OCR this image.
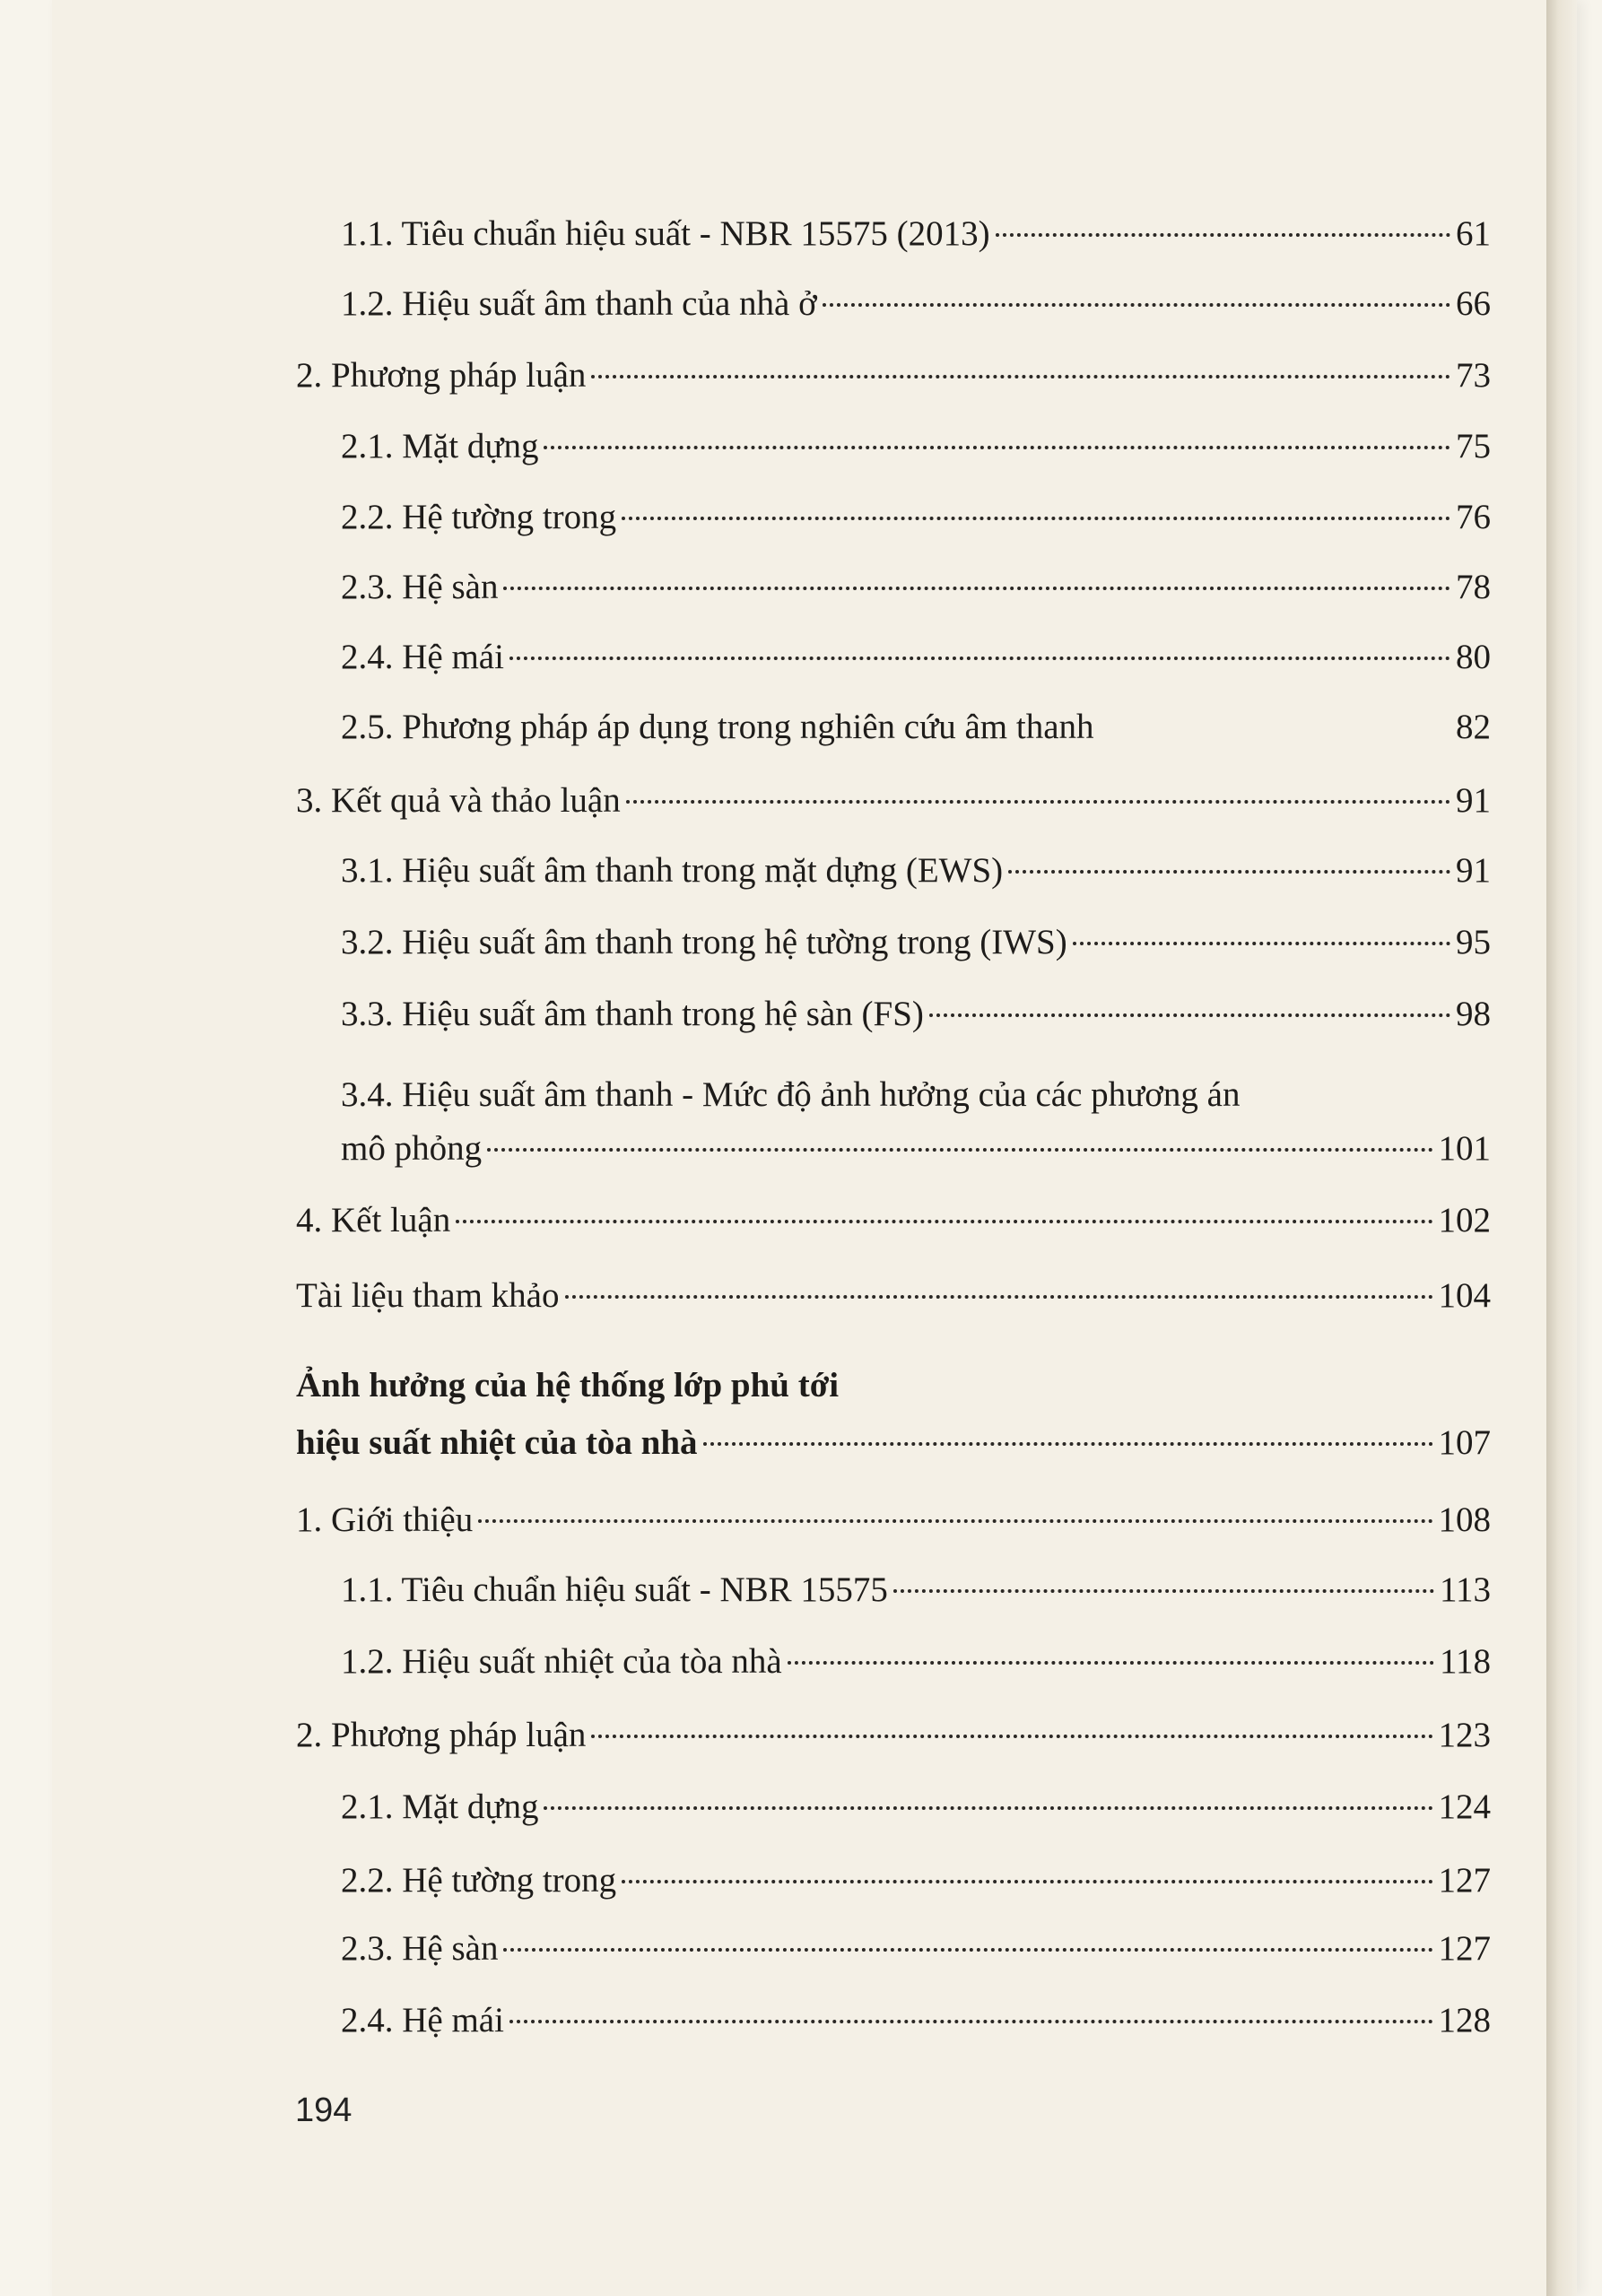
1.1. Tiêu chuẩn hiệu suất - NBR 15575 (2013)	61
1.2. Hiệu suất âm thanh của nhà ở	66
2. Phương pháp luận	73
2.1. Mặt dựng	75
2.2. Hệ tường trong	76
2.3. Hệ sàn	78
2.4. Hệ mái	80
2.5. Phương pháp áp dụng trong nghiên cứu âm thanh	82
3. Kết quả và thảo luận	91
3.1. Hiệu suất âm thanh trong mặt dựng (EWS)	91
3.2. Hiệu suất âm thanh trong hệ tường trong (IWS)	95
3.3. Hiệu suất âm thanh trong hệ sàn (FS)	98
3.4. Hiệu suất âm thanh - Mức độ ảnh hưởng của các phương án
mô phỏng	101
4. Kết luận	102
Tài liệu tham khảo	104
Ảnh hưởng của hệ thống lớp phủ tới
hiệu suất nhiệt của tòa nhà	107
1. Giới thiệu	108
1.1. Tiêu chuẩn hiệu suất - NBR 15575	113
1.2. Hiệu suất nhiệt của tòa nhà	118
2. Phương pháp luận	123
2.1. Mặt dựng	124
2.2. Hệ tường trong	127
2.3. Hệ sàn	127
2.4. Hệ mái	128
194
